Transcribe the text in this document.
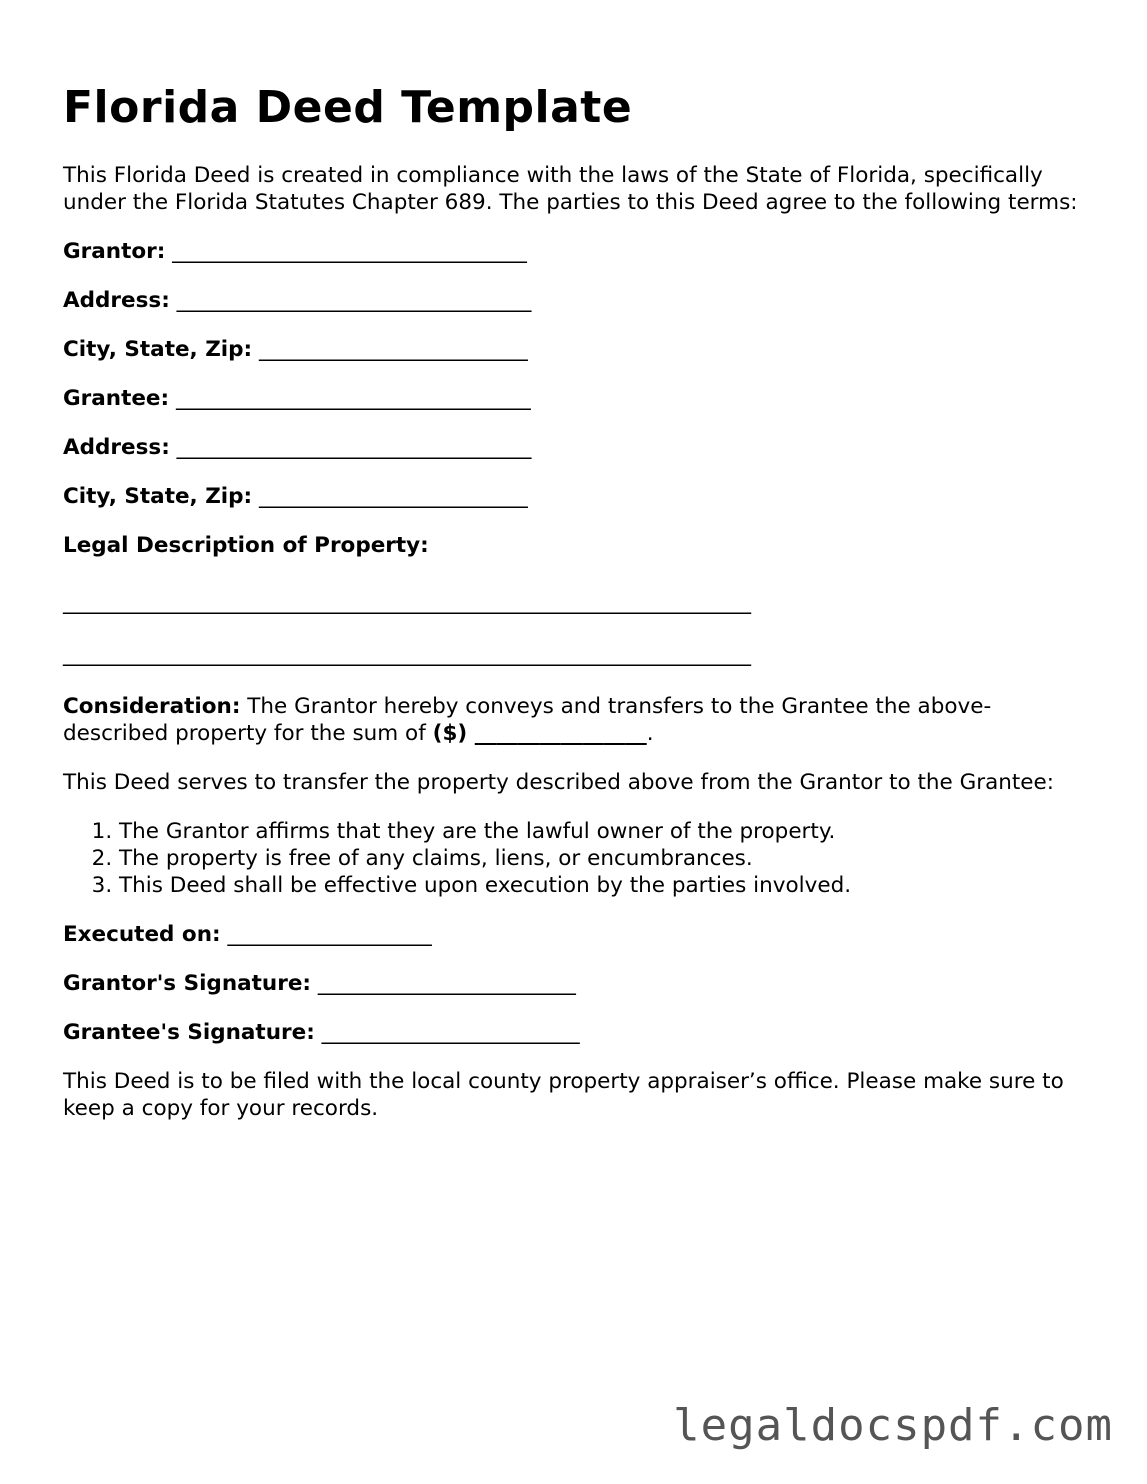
Florida Deed Template

This Florida Deed is created in compliance with the laws of the State of Florida, specifically under the Florida Statutes Chapter 689. The parties to this Deed agree to the following terms:

Grantor: _________________________________
Address: _________________________________
City, State, Zip: _________________________
Grantee: _________________________________
Address: _________________________________
City, State, Zip: _________________________
Legal Description of Property:
________________________________________________________________
________________________________________________________________

Consideration: The Grantor hereby conveys and transfers to the Grantee the above-described property for the sum of ($) ________________.

This Deed serves to transfer the property described above from the Grantor to the Grantee:

1. The Grantor affirms that they are the lawful owner of the property.
2. The property is free of any claims, liens, or encumbrances.
3. This Deed shall be effective upon execution by the parties involved.
Executed on: ___________________
Grantor's Signature: ________________________
Grantee's Signature: ________________________

This Deed is to be filed with the local county property appraiser’s office. Please make sure to keep a copy for your records.

legaldocspdf.com
